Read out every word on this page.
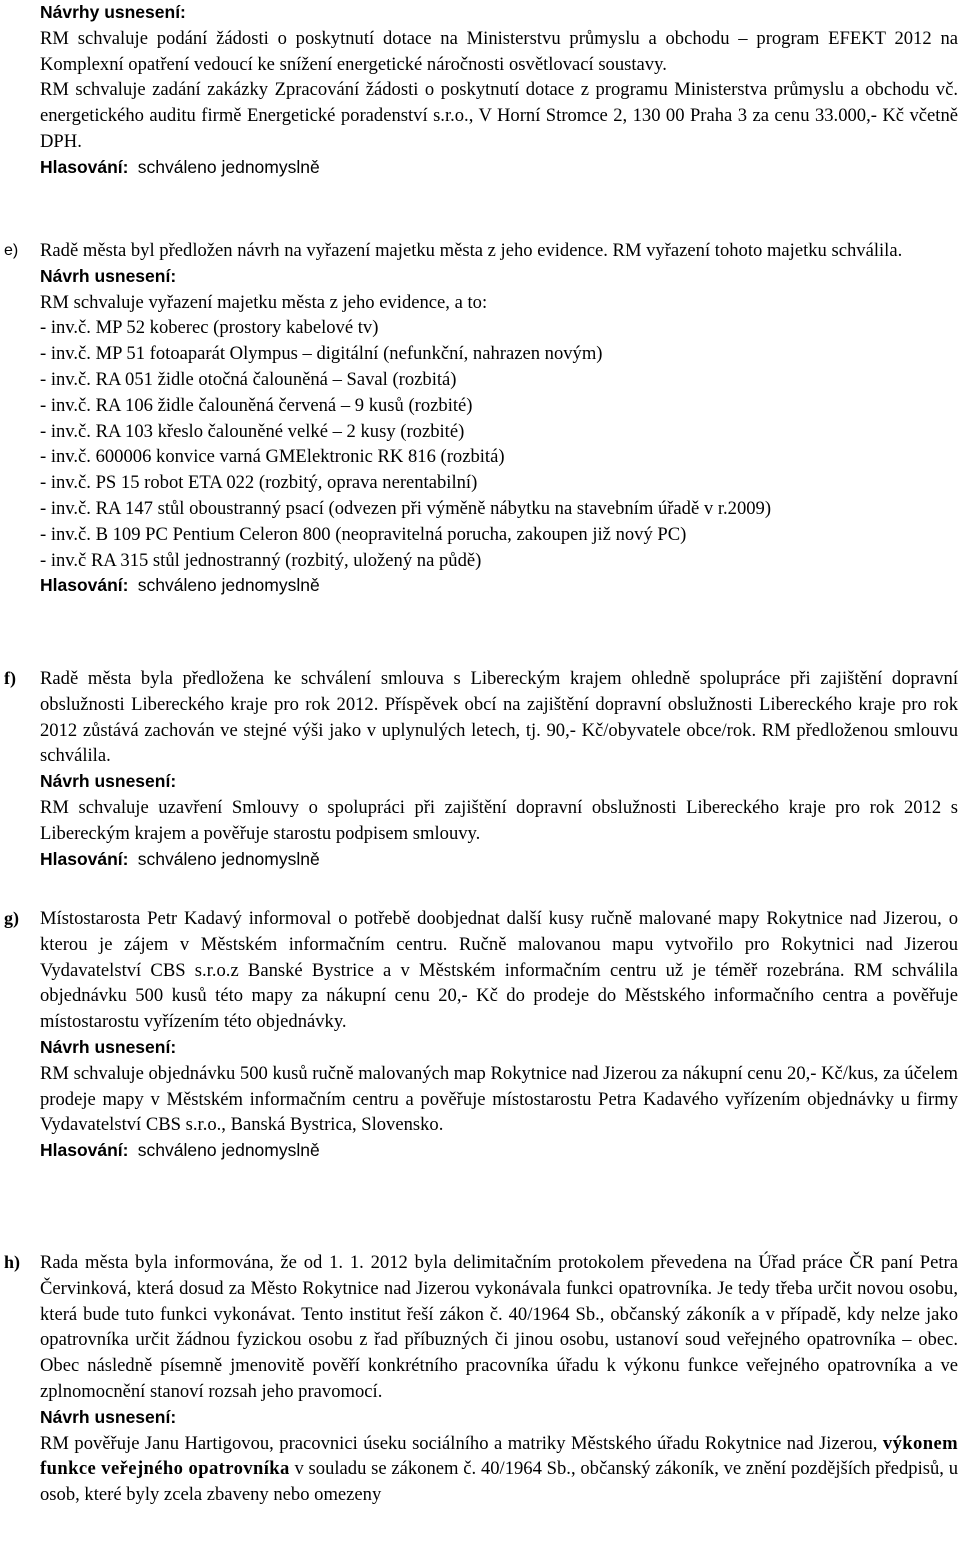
Návrhy usnesení:

RM schvaluje podání žádosti o poskytnutí dotace na Ministerstvu průmyslu a obchodu – program EFEKT 2012 na Komplexní opatření vedoucí ke snížení energetické náročnosti osvětlovací soustavy.

RM schvaluje zadání zakázky Zpracování žádosti o poskytnutí dotace z programu Ministerstva průmyslu a obchodu vč. energetického auditu firmě Energetické poradenství s.r.o., V Horní Stromce 2, 130 00 Praha 3 za cenu 33.000,- Kč včetně DPH.

Hlasování: schváleno jednomyslně

e) Radě města byl předložen návrh na vyřazení majetku města z jeho evidence. RM vyřazení tohoto majetku schválila.

Návrh usnesení:

RM schvaluje vyřazení majetku města z jeho evidence, a to:

- inv.č. MP 52 koberec (prostory kabelové tv)

- inv.č. MP 51 fotoaparát Olympus – digitální (nefunkční, nahrazen novým)

- inv.č. RA 051 židle otočná čalouněná – Saval (rozbitá)

- inv.č. RA 106 židle čalouněná červená – 9 kusů (rozbité)

- inv.č. RA 103 křeslo čalouněné velké – 2 kusy (rozbité)

- inv.č. 600006 konvice varná GMElektronic RK 816 (rozbitá)

- inv.č. PS 15 robot ETA 022 (rozbitý, oprava nerentabilní)

- inv.č. RA 147 stůl oboustranný psací (odvezen při výměně nábytku na stavebním úřadě v r.2009)

- inv.č. B 109 PC Pentium Celeron 800 (neopravitelná porucha, zakoupen již nový PC)

- inv.č RA 315 stůl jednostranný (rozbitý, uložený na půdě)

Hlasování: schváleno jednomyslně

f) Radě města byla předložena ke schválení smlouva s Libereckým krajem ohledně spolupráce při zajištění dopravní obslužnosti Libereckého kraje pro rok 2012. Příspěvek obcí na zajištění dopravní obslužnosti Libereckého kraje pro rok 2012 zůstává zachován ve stejné výši jako v uplynulých letech, tj. 90,- Kč/obyvatele obce/rok. RM předloženou smlouvu schválila.

Návrh usnesení:

RM schvaluje uzavření Smlouvy o spolupráci při zajištění dopravní obslužnosti Libereckého kraje pro rok 2012 s Libereckým krajem a pověřuje starostu podpisem smlouvy.

Hlasování: schváleno jednomyslně

g) Místostarosta Petr Kadavý informoval o potřebě doobjednat další kusy ručně malované mapy Rokytnice nad Jizerou, o kterou je zájem v Městském informačním centru. Ručně malovanou mapu vytvořilo pro Rokytnici nad Jizerou Vydavatelství CBS s.r.o.z Banské Bystrice a v Městském informačním centru už je téměř rozebrána. RM schválila objednávku 500 kusů této mapy za nákupní cenu 20,- Kč do prodeje do Městského informačního centra a pověřuje místostarostu vyřízením této objednávky.

Návrh usnesení:

RM schvaluje objednávku 500 kusů ručně malovaných map Rokytnice nad Jizerou za nákupní cenu 20,- Kč/kus, za účelem prodeje mapy v Městském informačním centru a pověřuje místostarostu Petra Kadavého vyřízením objednávky u firmy Vydavatelství CBS s.r.o., Banská Bystrica, Slovensko.

Hlasování: schváleno jednomyslně

h) Rada města byla informována, že od 1. 1. 2012 byla delimitačním protokolem převedena na Úřad práce ČR paní Petra Červinková, která dosud za Město Rokytnice nad Jizerou vykonávala funkci opatrovníka. Je tedy třeba určit novou osobu, která bude tuto funkci vykonávat. Tento institut řeší zákon č. 40/1964 Sb., občanský zákoník a v případě, kdy nelze jako opatrovníka určit žádnou fyzickou osobu z řad příbuzných či jinou osobu, ustanoví soud veřejného opatrovníka – obec. Obec následně písemně jmenovitě pověří konkrétního pracovníka úřadu k výkonu funkce veřejného opatrovníka a ve zplnomocnění stanoví rozsah jeho pravomocí.

Návrh usnesení:

RM pověřuje Janu Hartigovou, pracovnici úseku sociálního a matriky Městského úřadu Rokytnice nad Jizerou, výkonem funkce veřejného opatrovníka v souladu se zákonem č. 40/1964 Sb., občanský zákoník, ve znění pozdějších předpisů, u osob, které byly zcela zbaveny nebo omezeny
